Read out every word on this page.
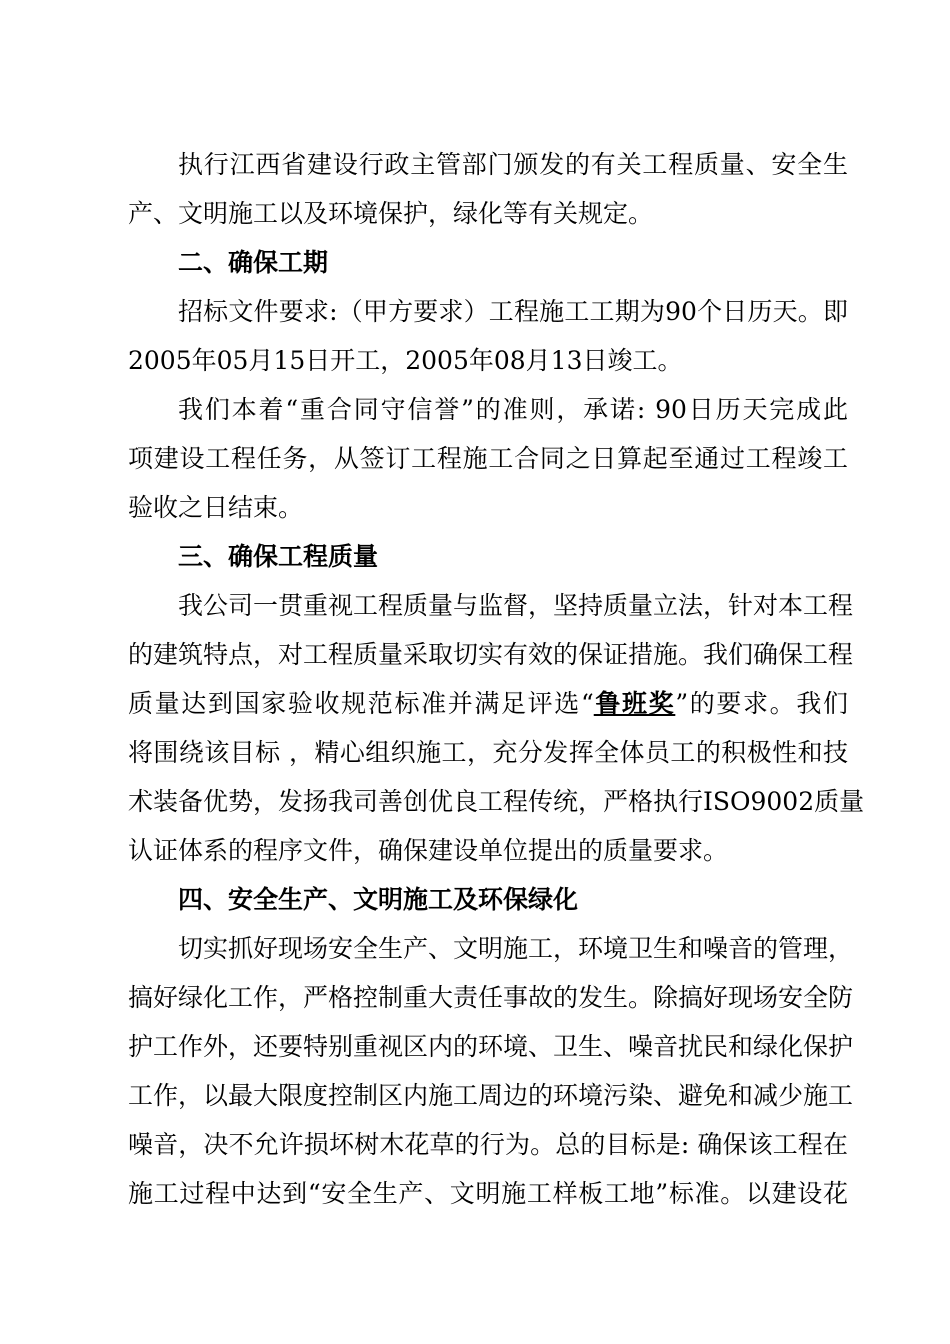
执行江西省建设行政主管部门颁发的有关工程质量、安全生
产、文明施工以及环境保护，绿化等有关规定。
二、确保工期
招标文件要求:（甲方要求）工程施工工期为90个日历天。即
2005年05月15日开工，2005年08月13日竣工。
我们本着“重合同守信誉”的准则，承诺: 90日历天完成此
项建设工程任务，从签订工程施工合同之日算起至通过工程竣工
验收之日结束。
三、确保工程质量
我公司一贯重视工程质量与监督，坚持质量立法，针对本工程
的建筑特点，对工程质量采取切实有效的保证措施。我们确保工程
质量达到国家验收规范标准并满足评选“鲁班奖”的要求。我们
将围绕该目标 ，精心组织施工，充分发挥全体员工的积极性和技
术装备优势，发扬我司善创优良工程传统，严格执行ISO9002质量
认证体系的程序文件，确保建设单位提出的质量要求。
四、安全生产、文明施工及环保绿化
切实抓好现场安全生产、文明施工，环境卫生和噪音的管理，
搞好绿化工作，严格控制重大责任事故的发生。除搞好现场安全防
护工作外，还要特别重视区内的环境、卫生、噪音扰民和绿化保护
工作，以最大限度控制区内施工周边的环境污染、避免和减少施工
噪音，决不允许损坏树木花草的行为。总的目标是: 确保该工程在
施工过程中达到“安全生产、文明施工样板工地”标准。以建设花
